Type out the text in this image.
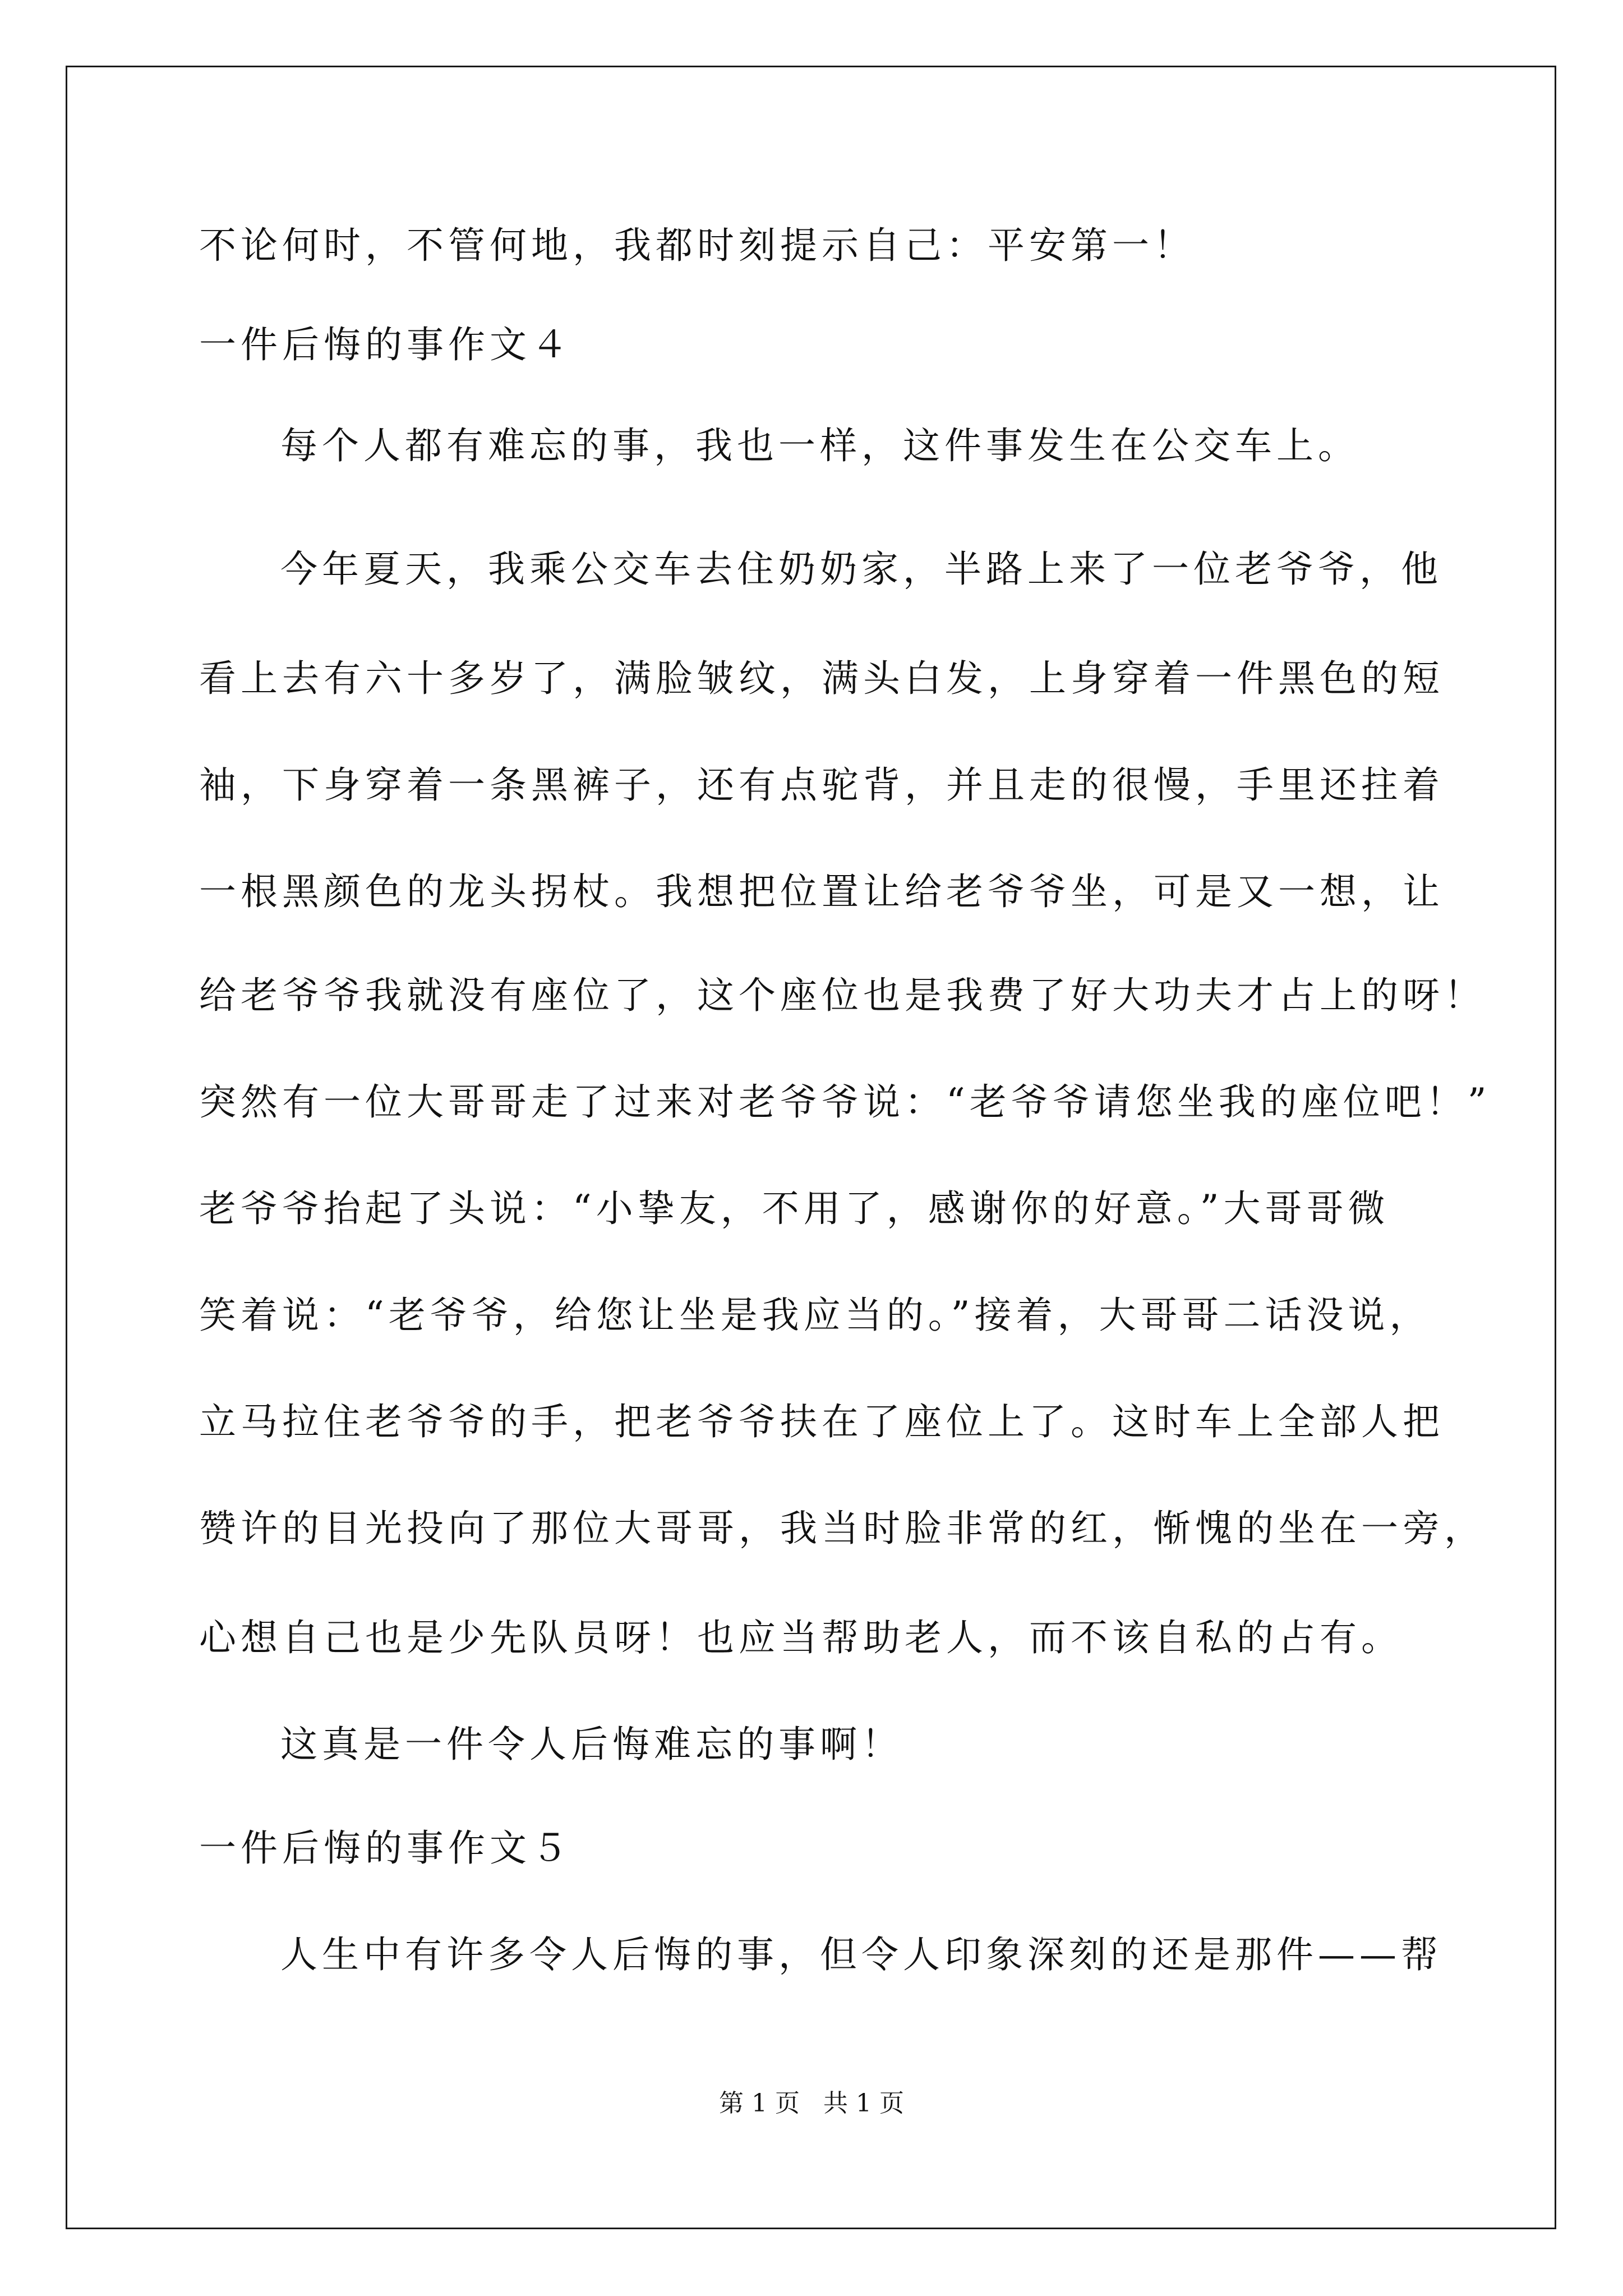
不论何时，不管何地，我都时刻提示自己：平安第一！
一件后悔的事作文４
每个人都有难忘的事，我也一样，这件事发生在公交车上。
今年夏天，我乘公交车去住奶奶家，半路上来了一位老爷爷，他
看上去有六十多岁了，满脸皱纹，满头白发，上身穿着一件黑色的短
袖，下身穿着一条黑裤子，还有点驼背，并且走的很慢，手里还拄着
一根黑颜色的龙头拐杖。我想把位置让给老爷爷坐，可是又一想，让
给老爷爷我就没有座位了，这个座位也是我费了好大功夫才占上的呀！
突然有一位大哥哥走了过来对老爷爷说：“老爷爷请您坐我的座位吧！”
老爷爷抬起了头说：“小挚友，不用了，感谢你的好意。”大哥哥微
笑着说：“老爷爷，给您让坐是我应当的。”接着，大哥哥二话没说，
立马拉住老爷爷的手，把老爷爷扶在了座位上了。这时车上全部人把
赞许的目光投向了那位大哥哥，我当时脸非常的红，惭愧的坐在一旁，
心想自己也是少先队员呀！也应当帮助老人，而不该自私的占有。
这真是一件令人后悔难忘的事啊！
一件后悔的事作文５
人生中有许多令人后悔的事，但令人印象深刻的还是那件——帮
第 1 页   共 1 页
